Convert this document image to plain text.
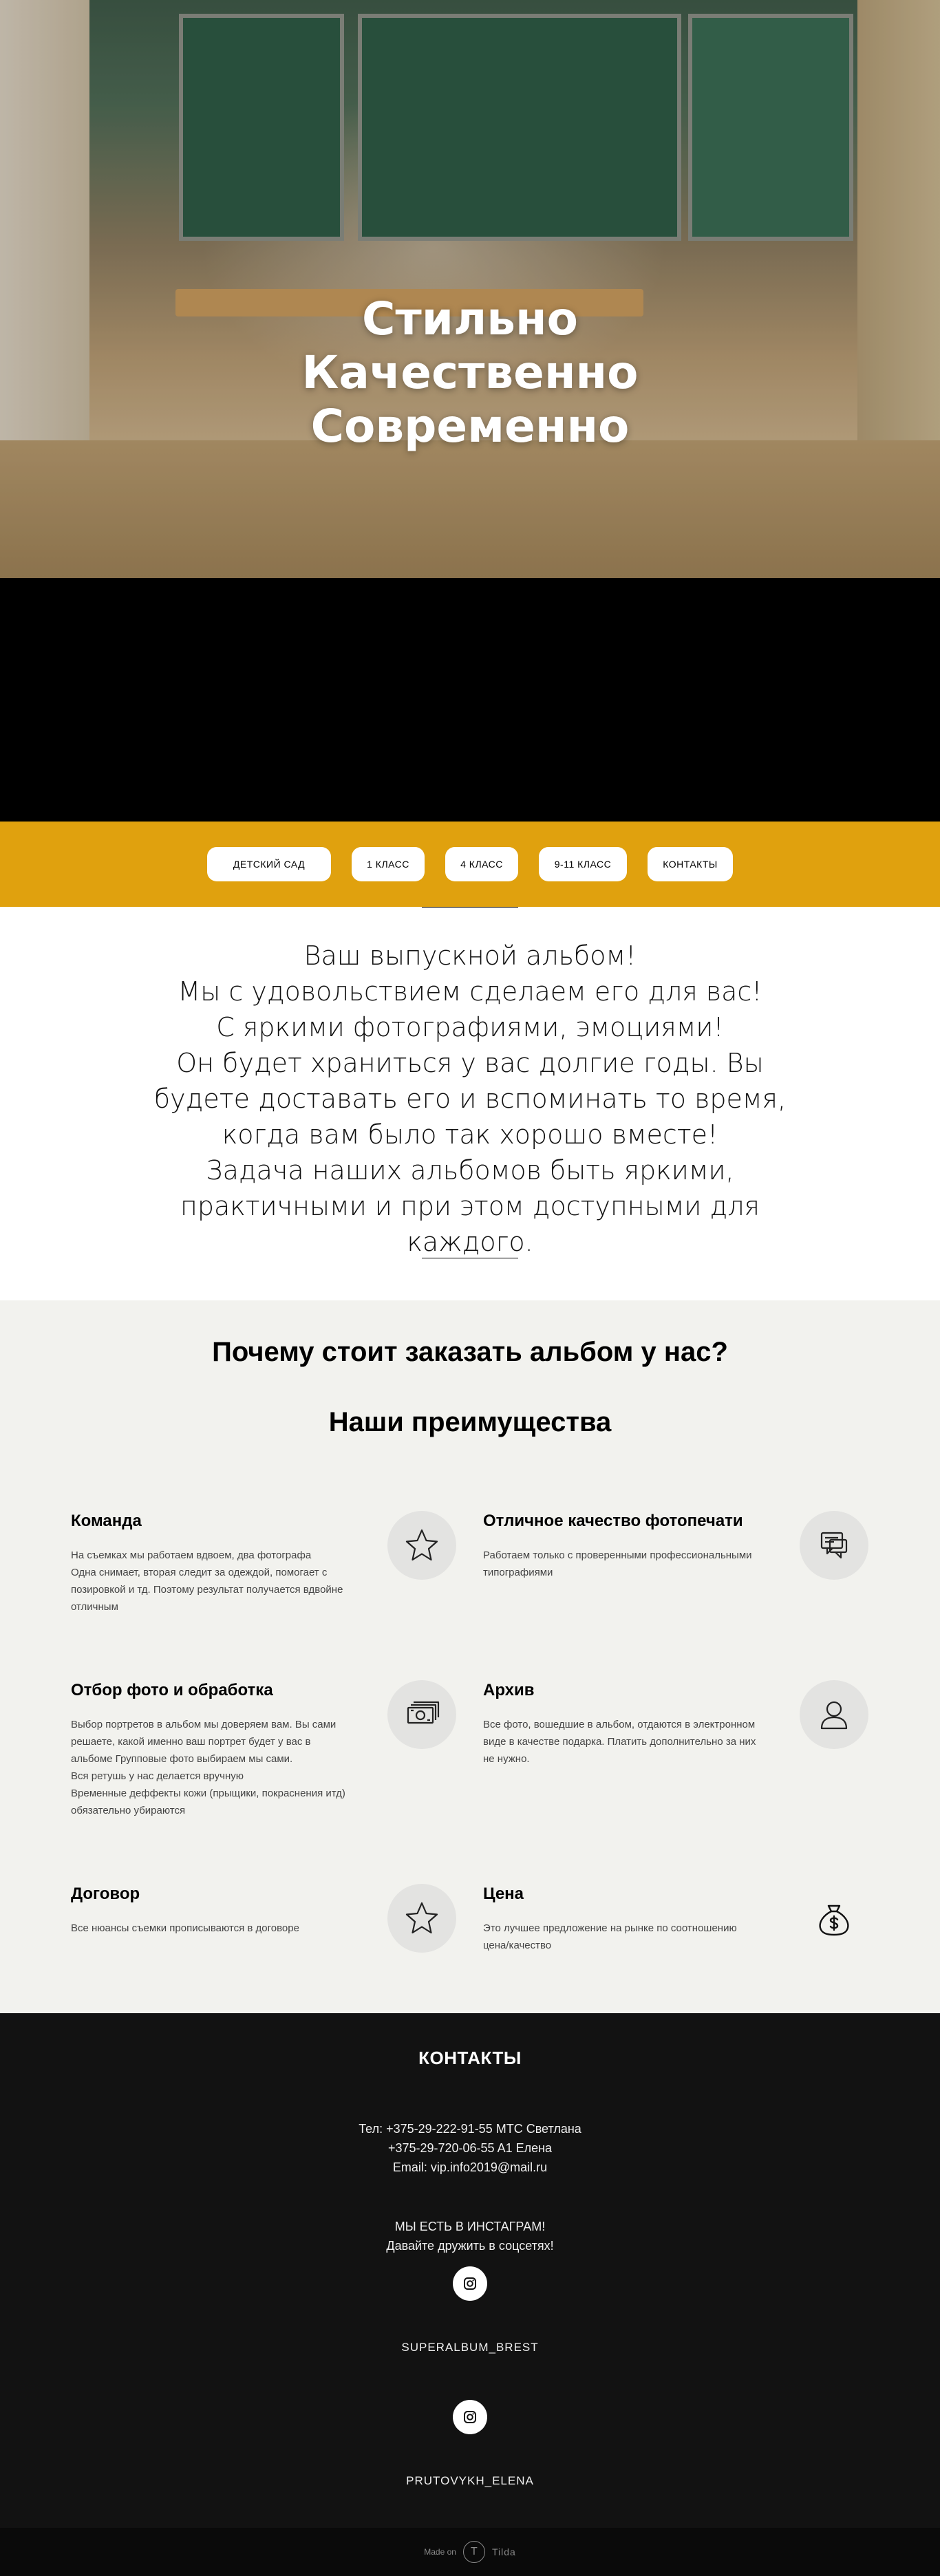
Стильно
Качественно
Современно
ДЕТСКИЙ САД	1 КЛАСС	4 КЛАСС	9-11 КЛАСС	КОНТАКТЫ

Ваш выпускной альбом!

Мы с удовольствием сделаем его для вас!

С яркими фотографиями, эмоциями!

Он будет храниться у вас долгие годы. Вы будете доставать его и вспоминать то время, когда вам было так хорошо вместе!

Задача наших альбомов быть яркими, практичными и при этом доступными для каждого.

Почему стоит заказать альбом у нас?
Наши преимущества
Команда
На съемках мы работаем вдвоем, два фотографа
Одна снимает, вторая следит за одеждой, помогает с позировкой и тд. Поэтому результат получается вдвойне отличным
Отличное качество фотопечати
Работаем только с проверенными профессиональными типографиями
Отбор фото и обработка
Выбор портретов в альбом мы доверяем вам. Вы сами решаете, какой именно ваш портрет будет у вас в альбоме Групповые фото выбираем мы сами.
Вся ретушь у нас делается вручную
Временные деффекты кожи (прыщики, покраснения итд) обязательно убираются
Архив
Все фото, вошедшие в альбом, отдаются в электронном виде в качестве подарка. Платить дополнительно за них не нужно.
Договор
Все нюансы съемки прописываются в договоре
Цена
Это лучшее предложение на рынке по соотношению цена/качество
КОНТАКТЫ
Тел: +375-29-222-91-55 МТС Светлана
+375-29-720-06-55 A1 Елена
Email: vip.info2019@mail.ru
МЫ ЕСТЬ В ИНСТАГРАМ!
Давайте дружить в соцсетях!
SUPERALBUM_BREST
PRUTOVYKH_ELENA
Made on	T	Tilda
